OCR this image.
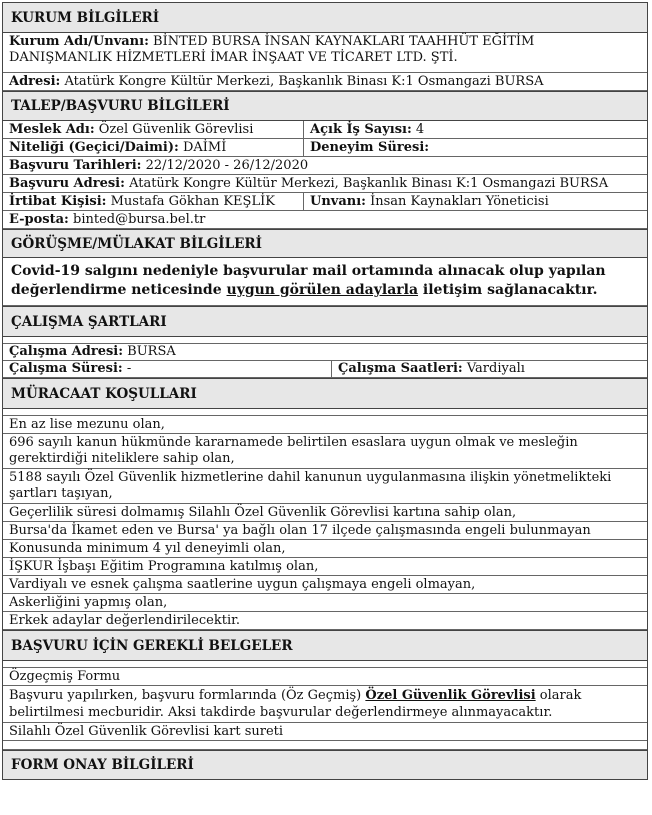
KURUM BİLGİLERİ
Kurum Adı/Unvanı: BİNTED BURSA İNSAN KAYNAKLARI TAAHHÜT EĞİTİM
DANIŞMANLIK HİZMETLERİ İMAR İNŞAAT VE TİCARET LTD. ŞTİ.
Adresi:
Atatürk Kongre Kültür Merkezi, Başkanlık Binası K:1 Osmangazi BURSA
TALEP/BAŞVURU BİLGİLERİ
Meslek Adı:
Özel Güvenlik Görevlisi	Açık İş Sayısı:
4
Niteliği (Geçici/Daimi):
DAİMİ	Deneyim Süresi:

Başvuru Tarihleri:
22/12/2020 - 26/12/2020
Başvuru Adresi:
Atatürk Kongre Kültür Merkezi, Başkanlık Binası K:1 Osmangazi BURSA
İrtibat Kişisi:
Mustafa Gökhan KEŞLİK	Unvanı:
İnsan Kaynakları Yöneticisi
E-posta:
binted@bursa.bel.tr
GÖRÜŞME/MÜLAKAT BİLGİLERİ
Covid-19 salgını nedeniyle başvurular mail ortamında alınacak olup yapılan
değerlendirme neticesinde uygun görülen adaylarla iletişim sağlanacaktır.
ÇALIŞMA ŞARTLARI
Çalışma Adresi:
BURSA
Çalışma Süresi:
-	Çalışma Saatleri:
Vardiyalı
MÜRACAAT KOŞULLARI
En az lise mezunu olan,
696 sayılı kanun hükmünde kararnamede belirtilen esaslara uygun olmak ve mesleğin gerektirdiği niteliklere sahip olan,
5188 sayılı Özel Güvenlik hizmetlerine dahil kanunun uygulanmasına ilişkin yönetmelikteki şartları taşıyan,
Geçerlilik süresi dolmamış Silahlı Özel Güvenlik Görevlisi kartına sahip olan,
Bursa'da İkamet eden ve Bursa' ya bağlı olan 17 ilçede çalışmasında engeli bulunmayan
Konusunda minimum 4 yıl deneyimli olan,
İŞKUR İşbaşı Eğitim Programına katılmış olan,
Vardiyalı ve esnek çalışma saatlerine uygun çalışmaya engeli olmayan,
Askerliğini yapmış olan,
Erkek adaylar değerlendirilecektir.
BAŞVURU İÇİN GEREKLİ BELGELER
Özgeçmiş Formu
Başvuru yapılırken, başvuru formlarında (Öz Geçmiş) Özel Güvenlik Görevlisi olarak belirtilmesi mecburidir. Aksi takdirde başvurular değerlendirmeye alınmayacaktır.
Silahlı Özel Güvenlik Görevlisi kart sureti
FORM ONAY BİLGİLERİ
